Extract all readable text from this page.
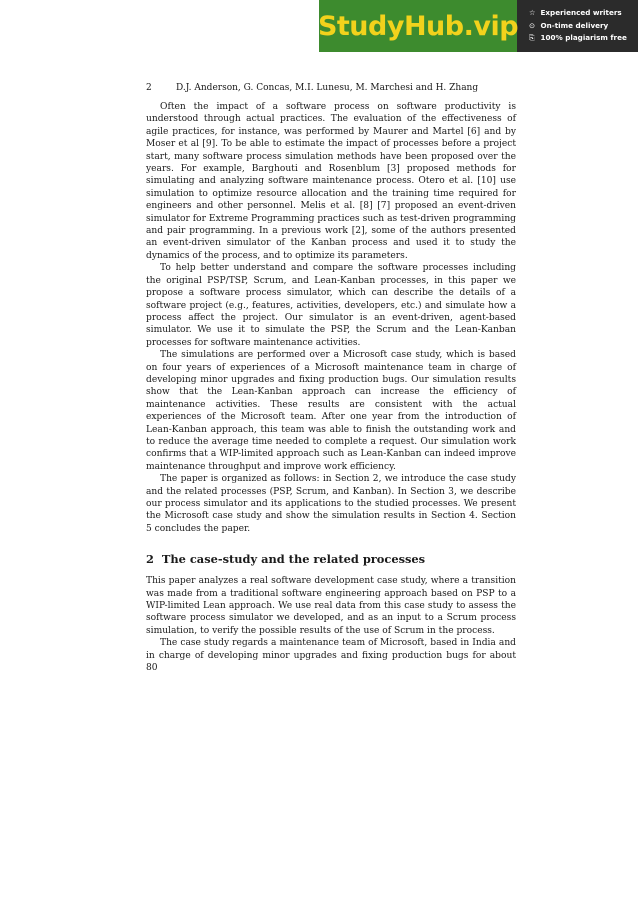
StudyHub.vip ☆ Experienced writers
⊙ On-time delivery
⎘ 100% plagiarism free
2	D.J. Anderson, G. Concas, M.I. Lunesu, M. Marchesi and H. Zhang

Often the impact of a software process on software productivity is understood through actual practices. The evaluation of the effectiveness of agile practices, for instance, was performed by Maurer and Martel [6] and by Moser et al [9]. To be able to estimate the impact of processes before a project start, many software process simulation methods have been proposed over the years. For example, Barghouti and Rosenblum [3] proposed methods for simulating and analyzing software maintenance process. Otero et al. [10] use simulation to optimize resource allocation and the training time required for engineers and other personnel. Melis et al. [8] [7] proposed an event-driven simulator for Extreme Programming practices such as test-driven programming and pair programming. In a previous work [2], some of the authors presented an event-driven simulator of the Kanban process and used it to study the dynamics of the process, and to optimize its parameters.

To help better understand and compare the software processes including the original PSP/TSP, Scrum, and Lean-Kanban processes, in this paper we propose a software process simulator, which can describe the details of a software project (e.g., features, activities, developers, etc.) and simulate how a process affect the project. Our simulator is an event-driven, agent-based simulator. We use it to simulate the PSP, the Scrum and the Lean-Kanban processes for software maintenance activities.

The simulations are performed over a Microsoft case study, which is based on four years of experiences of a Microsoft maintenance team in charge of developing minor upgrades and fixing production bugs. Our simulation results show that the Lean-Kanban approach can increase the efficiency of maintenance activities. These results are consistent with the actual experiences of the Microsoft team. After one year from the introduction of Lean-Kanban approach, this team was able to finish the outstanding work and to reduce the average time needed to complete a request. Our simulation work confirms that a WIP-limited approach such as Lean-Kanban can indeed improve maintenance throughput and improve work efficiency.

The paper is organized as follows: in Section 2, we introduce the case study and the related processes (PSP, Scrum, and Kanban). In Section 3, we describe our process simulator and its applications to the studied processes. We present the Microsoft case study and show the simulation results in Section 4. Section 5 concludes the paper.

2 The case-study and the related processes

This paper analyzes a real software development case study, where a transition was made from a traditional software engineering approach based on PSP to a WIP-limited Lean approach. We use real data from this case study to assess the software process simulator we developed, and as an input to a Scrum process simulation, to verify the possible results of the use of Scrum in the process.

The case study regards a maintenance team of Microsoft, based in India and in charge of developing minor upgrades and fixing production bugs for about 80
